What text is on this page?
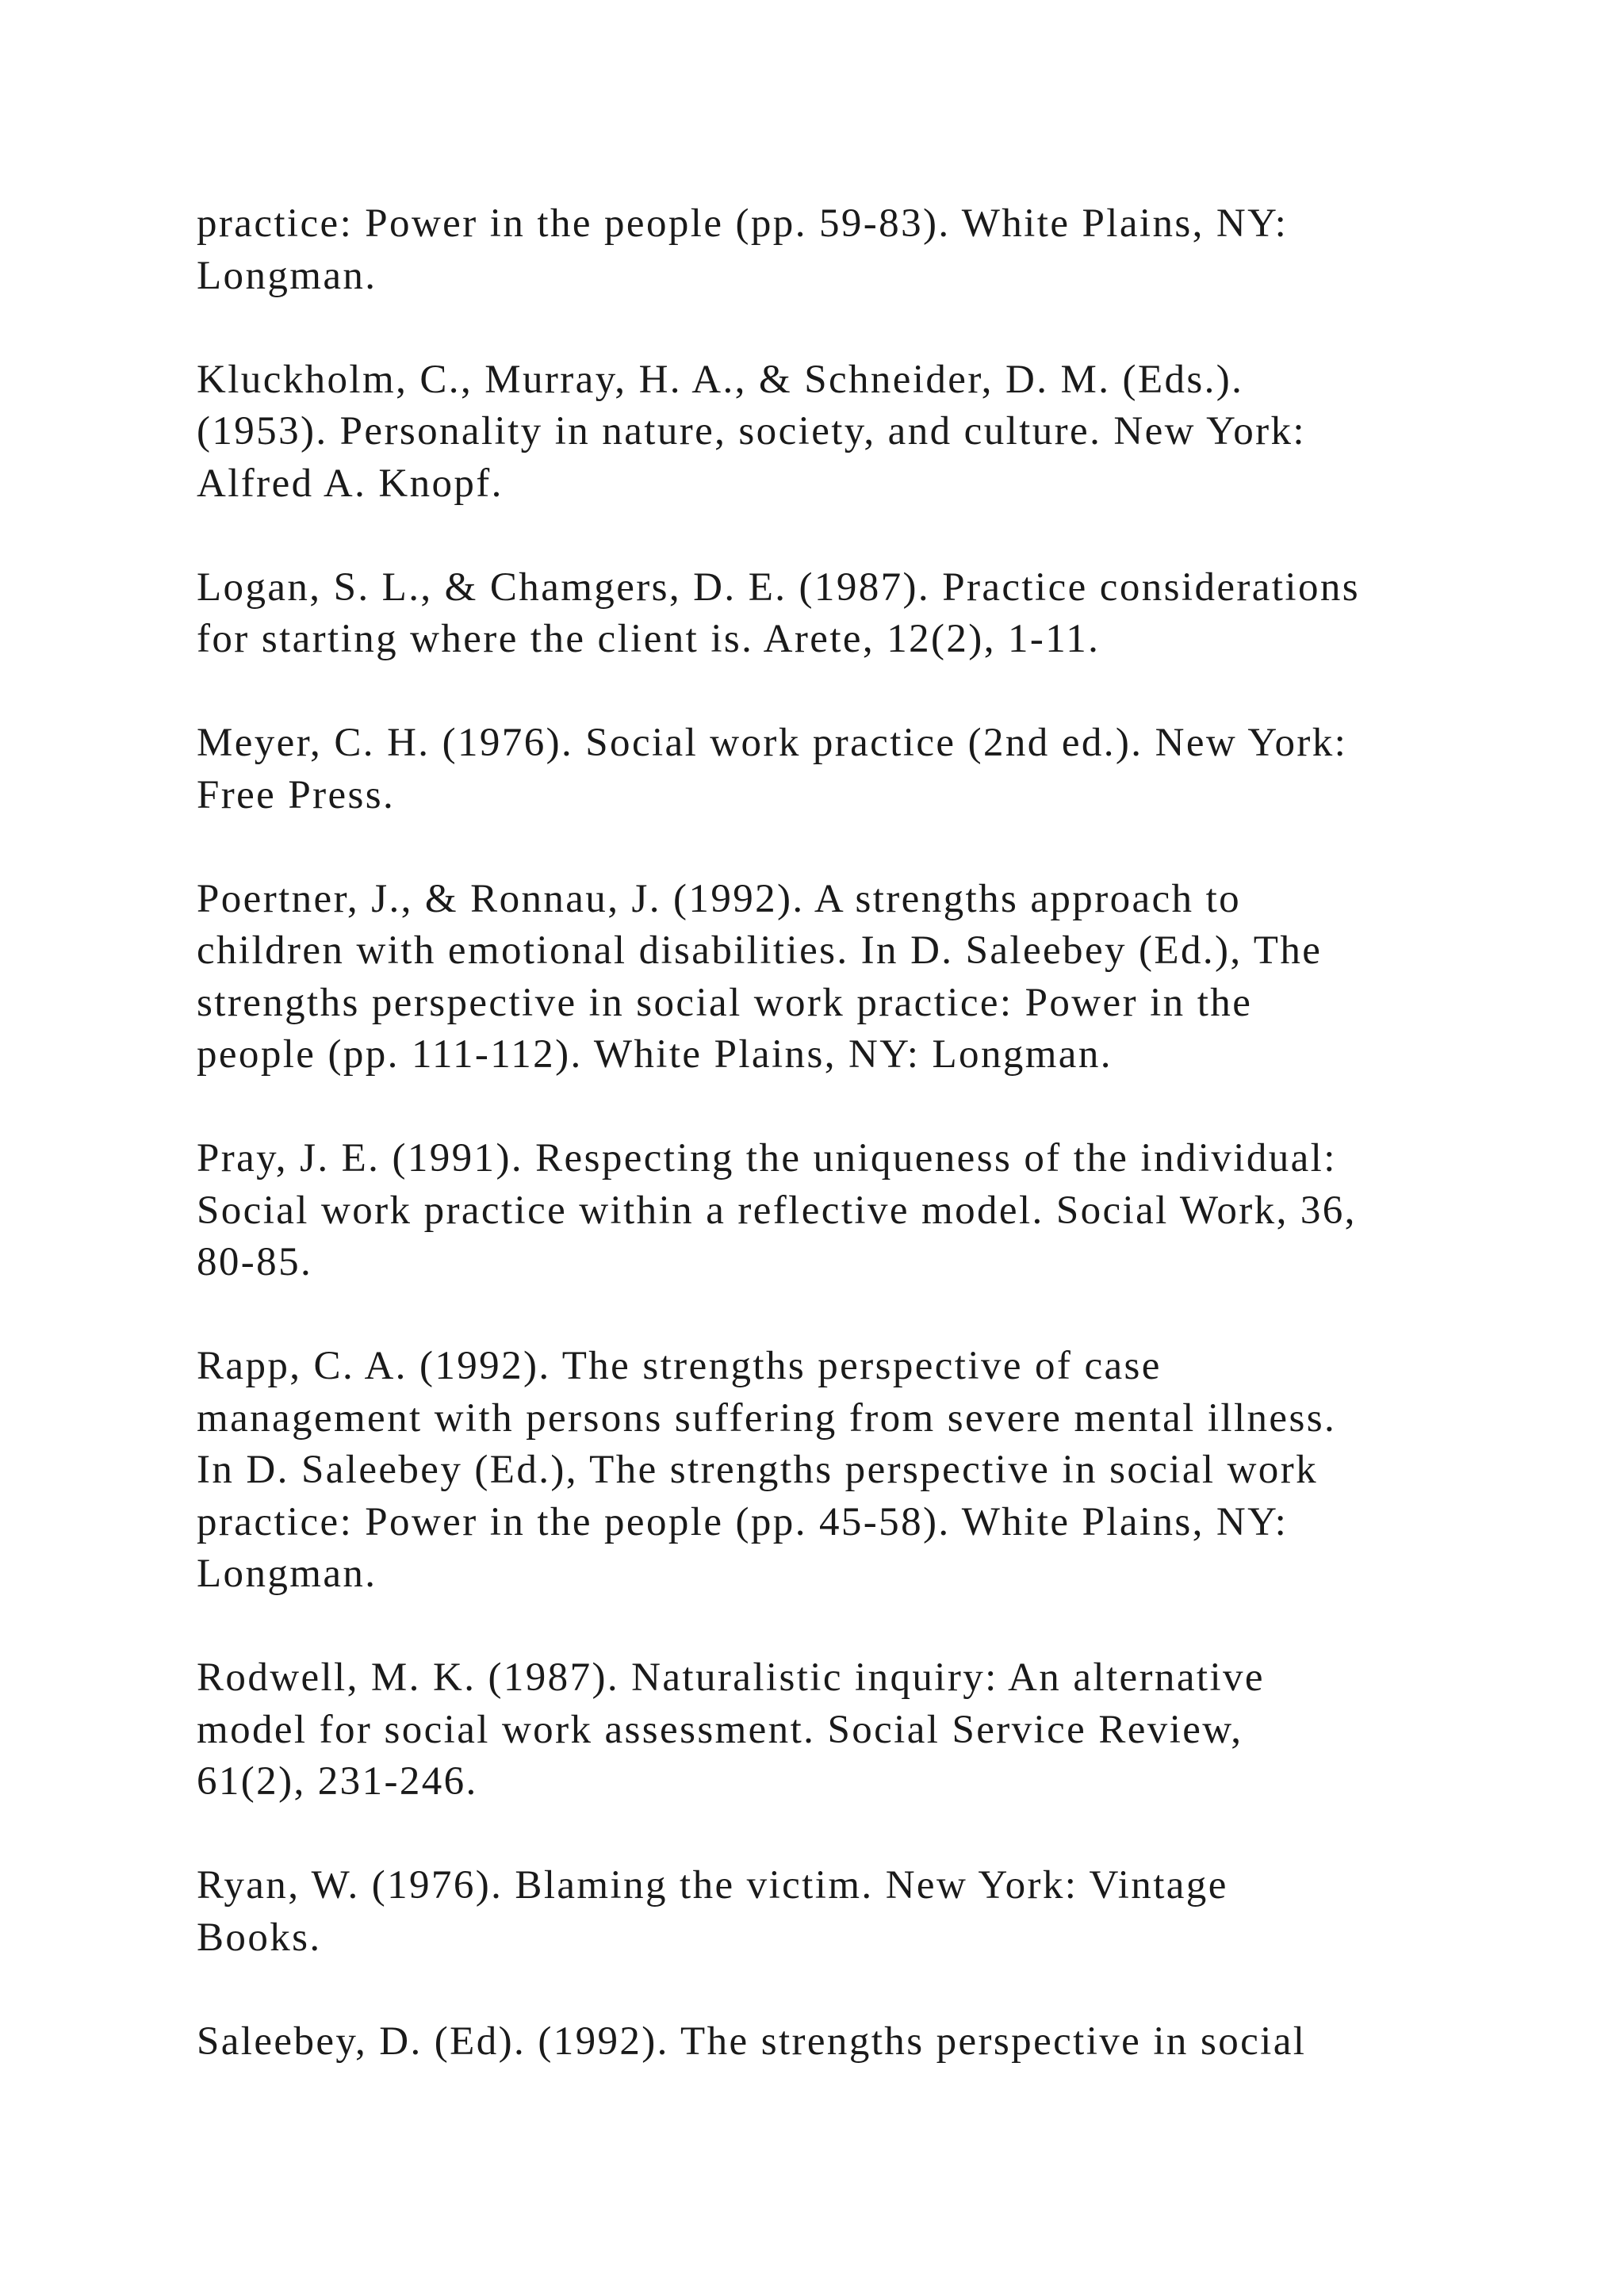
practice: Power in the people (pp. 59-83). White Plains, NY:
Longman.
Kluckholm, C., Murray, H. A., & Schneider, D. M. (Eds.).
(1953). Personality in nature, society, and culture. New York:
Alfred A. Knopf.
Logan, S. L., & Chamgers, D. E. (1987). Practice considerations
for starting where the client is. Arete, 12(2), 1-11.
Meyer, C. H. (1976). Social work practice (2nd ed.). New York:
Free Press.
Poertner, J., & Ronnau, J. (1992). A strengths approach to
children with emotional disabilities. In D. Saleebey (Ed.), The
strengths perspective in social work practice: Power in the
people (pp. 111-112). White Plains, NY: Longman.
Pray, J. E. (1991). Respecting the uniqueness of the individual:
Social work practice within a reflective model. Social Work, 36,
80-85.
Rapp, C. A. (1992). The strengths perspective of case
management with persons suffering from severe mental illness.
In D. Saleebey (Ed.), The strengths perspective in social work
practice: Power in the people (pp. 45-58). White Plains, NY:
Longman.
Rodwell, M. K. (1987). Naturalistic inquiry: An alternative
model for social work assessment. Social Service Review,
61(2), 231-246.
Ryan, W. (1976). Blaming the victim. New York: Vintage
Books.
Saleebey, D. (Ed). (1992). The strengths perspective in social
